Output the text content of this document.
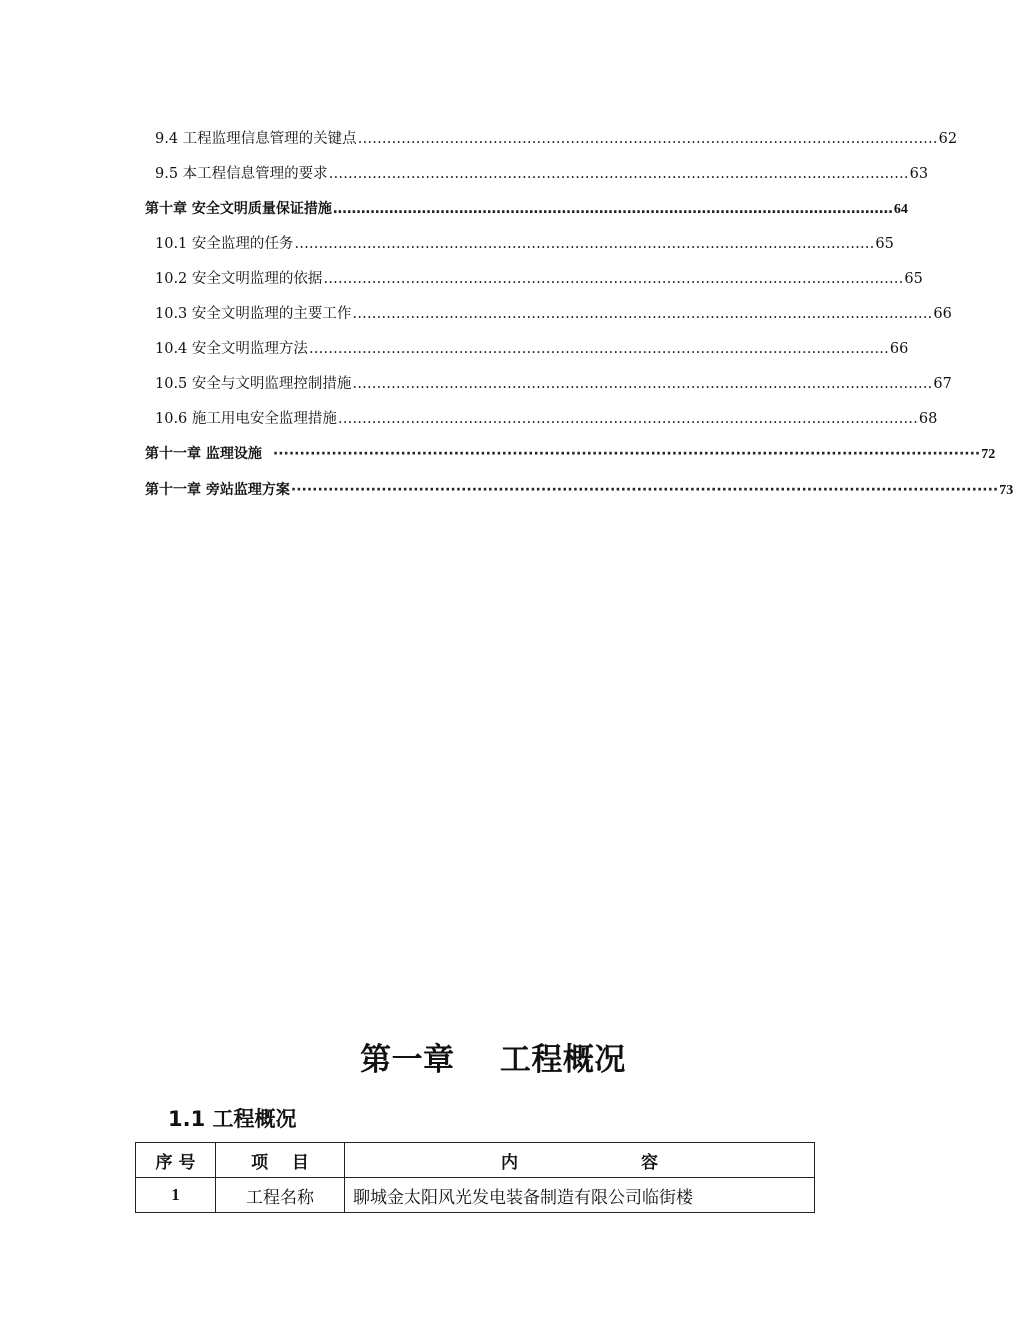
9.4 工程监理信息管理的关键点 ………………………………………………………………………………………………………… 62
9.5 本工程信息管理的要求 ………………………………………………………………………………………………………… 63
第十章 安全文明质量保证措施 ………………………………………………………………………………………………………… 64
10.1 安全监理的任务 ………………………………………………………………………………………………………… 65
10.2 安全文明监理的依据 ………………………………………………………………………………………………………… 65
10.3 安全文明监理的主要工作 ………………………………………………………………………………………………………… 66
10.4 安全文明监理方法 ………………………………………………………………………………………………………… 66
10.5 安全与文明监理控制措施 ………………………………………………………………………………………………………… 67
10.6 施工用电安全监理措施 ………………………………………………………………………………………………………… 68
第十一章 监理设施 ····································································································································· 72
第十一章 旁站监理方案 ····································································································································· 73
第一章    工程概况
1.1 工程概况
序 号	项    目	内 容

1	工程名称	聊城金太阳风光发电装备制造有限公司临街楼
